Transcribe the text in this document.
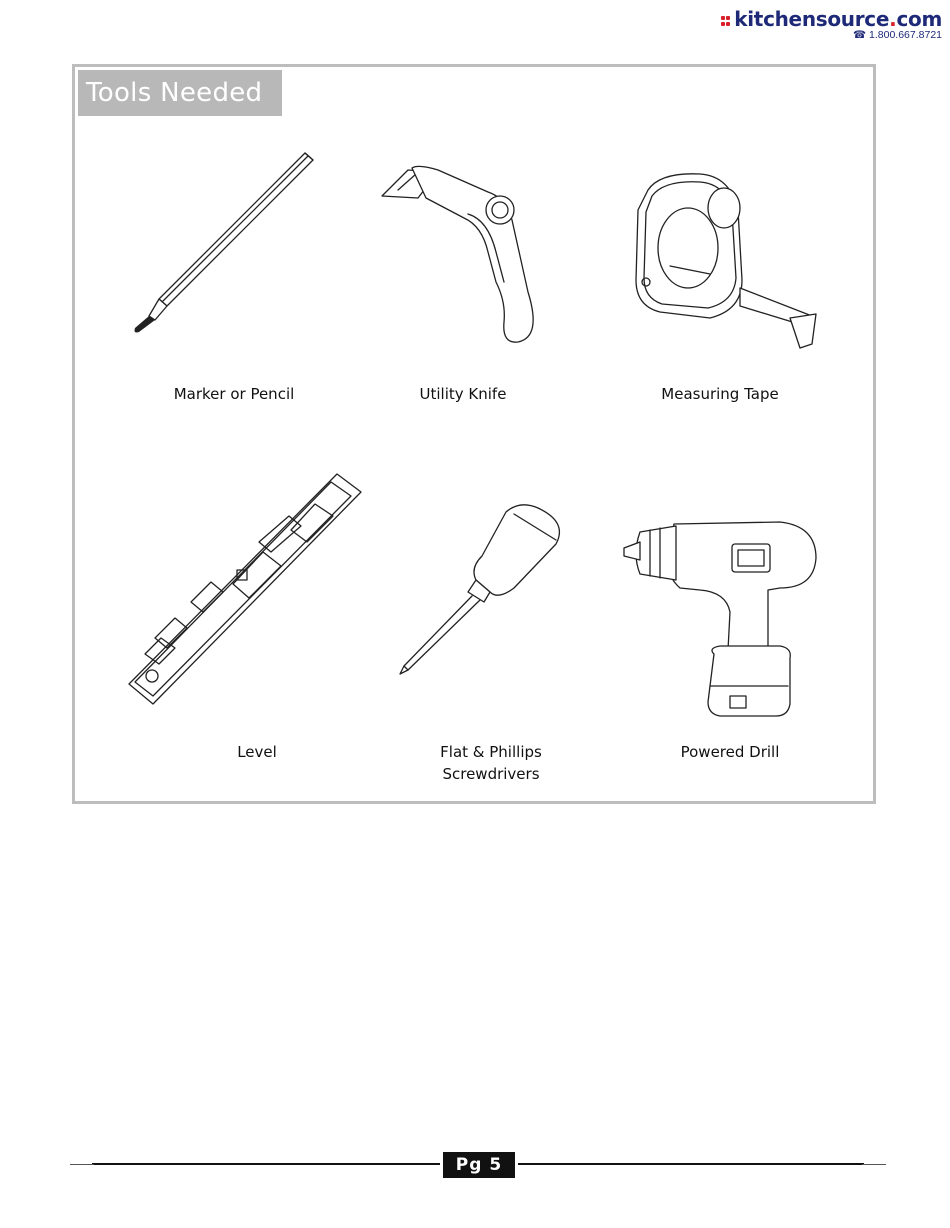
kitchensource.com
☎ 1.800.667.8721
Tools Needed
Marker or Pencil	Utility Knife	Measuring Tape
Level	Flat & Phillips
Screwdrivers
Powered Drill
Pg 5
